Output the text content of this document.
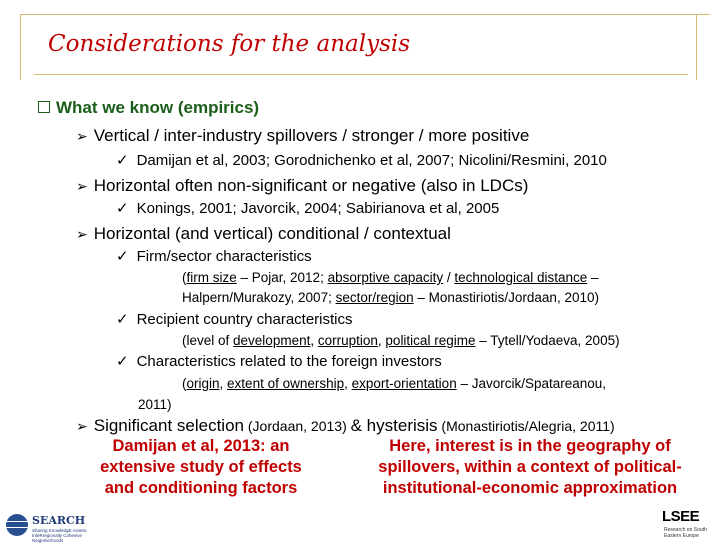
Considerations for the analysis
What we know (empirics)
➢ Vertical / inter-industry spillovers / stronger / more positive
✓ Damijan et al, 2003; Gorodnichenko et al, 2007; Nicolini/Resmini, 2010
➢ Horizontal often non-significant or negative (also in LDCs)
✓ Konings, 2001; Javorcik, 2004; Sabirianova et al, 2005
➢ Horizontal (and vertical) conditional / contextual
✓ Firm/sector characteristics
(firm size – Pojar, 2012; absorptive capacity / technological distance –
Halpern/Murakozy, 2007; sector/region – Monastiriotis/Jordaan, 2010)
✓ Recipient country characteristics
(level of development, corruption, political regime – Tytell/Yodaeva, 2005)
✓ Characteristics related to the foreign investors
(origin, extent of ownership, export-orientation – Javorcik/Spatareanou,
2011)
➢ Significant selection (Jordaan, 2013) & hysterisis (Monastiriotis/Alegria, 2011)
Damijan et al, 2013: an
extensive study of effects
and conditioning factors
Here, interest is in the geography of
spillovers, within a context of political-
institutional-economic approximation
SEARCH
Sharing KnowledgE Assets: InteRregionally Cohesive NeigHborhoods
LSEE
Research on South Eastern Europe
